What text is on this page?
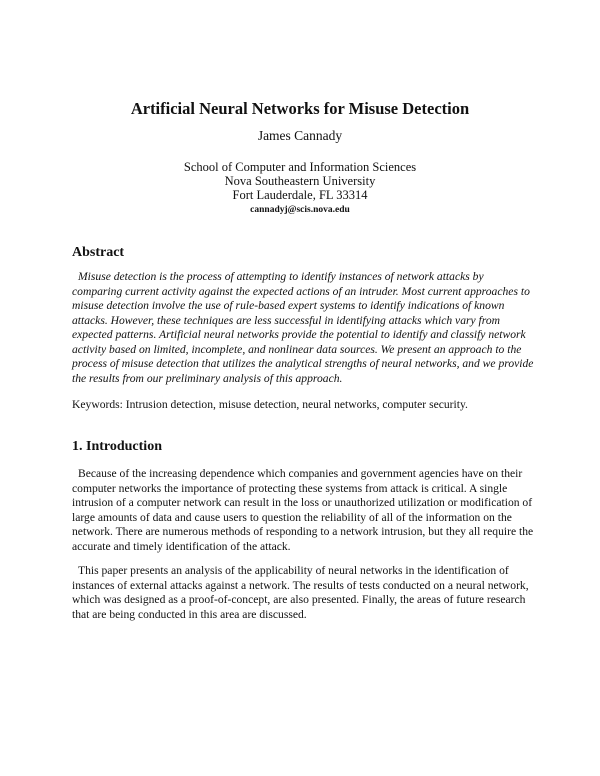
Artificial Neural Networks for Misuse Detection
James Cannady
School of Computer and Information Sciences
Nova Southeastern University
Fort Lauderdale, FL 33314
cannadyj@scis.nova.edu
Abstract
Misuse detection is the process of attempting to identify instances of network attacks by comparing current activity against the expected actions of an intruder. Most current approaches to misuse detection involve the use of rule-based expert systems to identify indications of known attacks. However, these techniques are less successful in identifying attacks which vary from expected patterns. Artificial neural networks provide the potential to identify and classify network activity based on limited, incomplete, and nonlinear data sources. We present an approach to the process of misuse detection that utilizes the analytical strengths of neural networks, and we provide the results from our preliminary analysis of this approach.
Keywords: Intrusion detection, misuse detection, neural networks, computer security.
1. Introduction
Because of the increasing dependence which companies and government agencies have on their computer networks the importance of protecting these systems from attack is critical. A single intrusion of a computer network can result in the loss or unauthorized utilization or modification of large amounts of data and cause users to question the reliability of all of the information on the network. There are numerous methods of responding to a network intrusion, but they all require the accurate and timely identification of the attack.
This paper presents an analysis of the applicability of neural networks in the identification of instances of external attacks against a network. The results of tests conducted on a neural network, which was designed as a proof-of-concept, are also presented. Finally, the areas of future research that are being conducted in this area are discussed.
